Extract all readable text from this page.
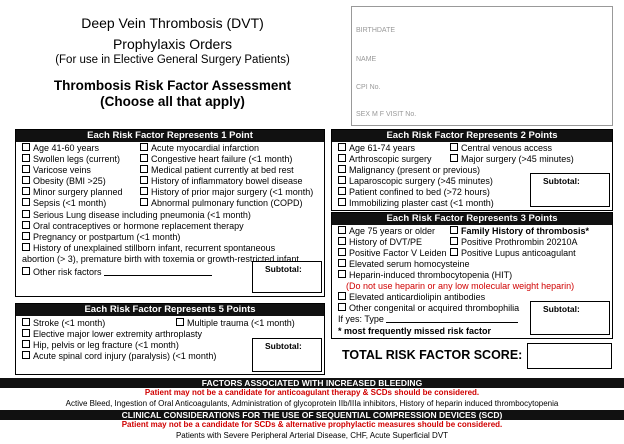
Deep Vein Thrombosis (DVT)
Prophylaxis Orders
(For use in Elective General Surgery Patients)
Thrombosis Risk Factor Assessment
(Choose all that apply)
BIRTHDATE
NAME
CPI No.
SEX M F VISIT No.
Each Risk Factor Represents 1 Point
Age 41-60 years
Swollen legs (current)
Varicose veins
Obesity (BMI >25)
Minor surgery planned
Sepsis (<1 month)
Acute myocardial infarction
Congestive heart failure (<1 month)
Medical patient currently at bed rest
History of inflammatory bowel disease
History of prior major surgery (<1 month)
Abnormal pulmonary function (COPD)
Serious Lung disease including pneumonia (<1 month)
Oral contraceptives or hormone replacement therapy
Pregnancy or postpartum (<1 month)
History of unexplained stillborn infant, recurrent spontaneous
abortion (> 3), premature birth with toxemia or growth-restricted infant
Other risk factors	Subtotal:
Each Risk Factor Represents 2 Points
Age 61-74 years
Arthroscopic surgery
Central venous access
Major surgery (>45 minutes)
Malignancy (present or previous)
Laparoscopic surgery (>45 minutes)
Patient confined to bed (>72 hours)
Immobilizing plaster cast (<1 month)
Subtotal:
Each Risk Factor Represents 3 Points
Age 75 years or older
History of DVT/PE
Positive Factor V Leiden
Family History of thrombosis*
Positive Prothrombin 20210A
Positive Lupus anticoagulant
Elevated serum homocysteine
Heparin-induced thrombocytopenia (HIT)
(Do not use heparin or any low molecular weight heparin)
Elevated anticardiolipin antibodies
Other congenital or acquired thrombophilia
If yes: Type
* most frequently missed risk factor
Subtotal:
Each Risk Factor Represents 5 Points
Stroke (<1 month)
Elective major lower extremity arthroplasty
Hip, pelvis or leg fracture (<1 month)
Acute spinal cord injury (paralysis) (<1 month)
Multiple trauma (<1 month)
Subtotal:
TOTAL RISK FACTOR SCORE:
FACTORS ASSOCIATED WITH INCREASED BLEEDING
Patient may not be a candidate for anticoagulant therapy & SCDs should be considered.
Active Bleed, Ingestion of Oral Anticoagulants, Administration of glycoprotein IIb/IIIa inhibitors, History of heparin induced thrombocytopenia
CLINICAL CONSIDERATIONS FOR THE USE OF SEQUENTIAL COMPRESSION DEVICES (SCD)
Patient may not be a candidate for SCDs & alternative prophylactic measures should be considered.
Patients with Severe Peripheral Arterial Disease, CHF, Acute Superficial DVT
